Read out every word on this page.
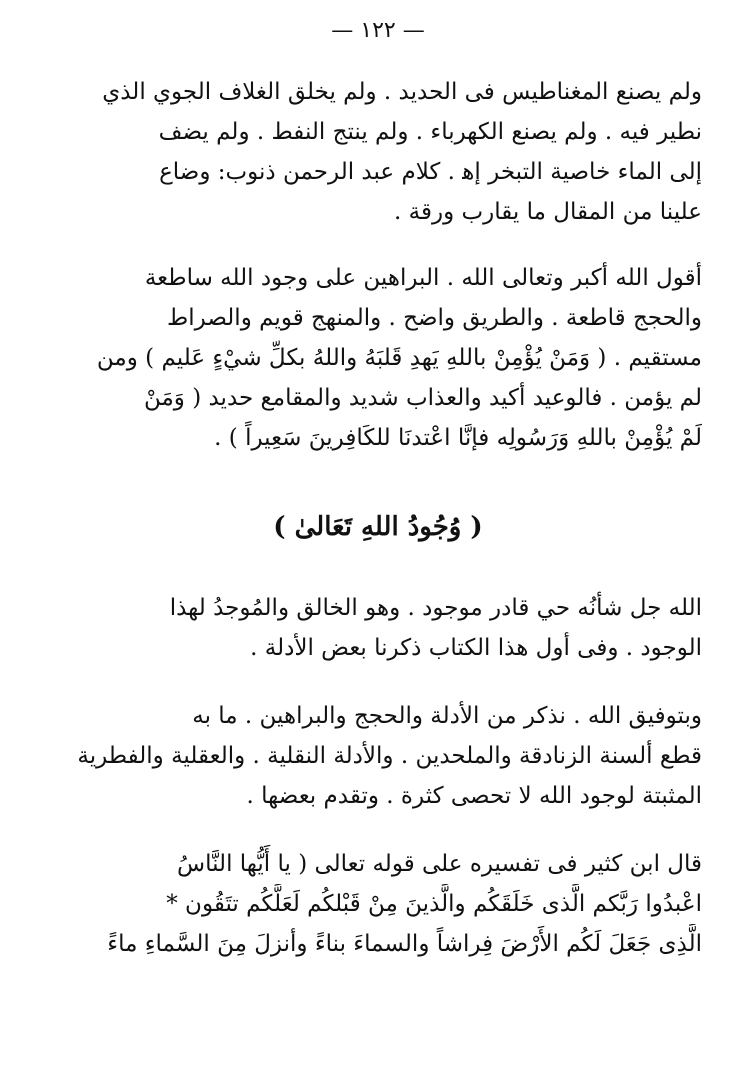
— ١٢٢ —
ولم يصنع المغناطيس فى الحديد . ولم يخلق الغلاف الجوي الذي
نطير فيه . ولم يصنع الكهرباء . ولم ينتج النفط . ولم يضف
إلى الماء خاصية التبخر إﻫ . كلام عبد الرحمن ذنوب: وضاع
علينا من المقال ما يقارب ورقة .
أقول الله أكبر وتعالى الله . البراهين على وجود الله ساطعة
والحجج قاطعة . والطريق واضح . والمنهج قويم والصراط
مستقيم . ( وَمَنْ يُؤْمِنْ باللهِ يَهدِ قَلبَهُ واللهُ بكلِّ شيْءٍ عَليم ) ومن
لم يؤمن . فالوعيد أكيد والعذاب شديد والمقامع حديد ( وَمَنْ
لَمْ يُؤْمِنْ باللهِ وَرَسُولِه فإنَّا اعْتدنَا للكَافِرينَ سَعِيراً ) .
( وُجُودُ اللهِ تَعَالىٰ )
الله جل شأنُه حي قادر موجود . وهو الخالق والمُوجدُ لهذا
الوجود . وفى أول هذا الكتاب ذكرنا بعض الأدلة .
وبتوفيق الله . نذكر من الأدلة والحجج والبراهين . ما به
قطع ألسنة الزنادقة والملحدين . والأدلة النقلية . والعقلية والفطرية
المثبتة لوجود الله لا تحصى كثرة . وتقدم بعضها .
قال ابن كثير فى تفسيره على قوله تعالى ( يا أَيُّها النَّاسُ
اعْبدُوا رَبَّكم الَّذى خَلَقَكُم والَّذينَ مِنْ قَبْلكُم لَعَلَّكُم تتَقُون *
الَّذِى جَعَلَ لَكُم الأَرْضَ فِراشاً والسماءَ بناءً وأنزلَ مِنَ السَّماءِ ماءً
